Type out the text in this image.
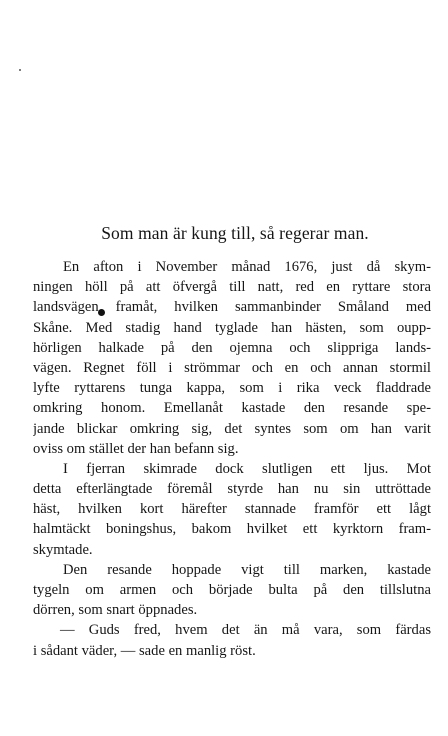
Som man är kung till, så regerar man.
En afton i November månad 1676, just då skym-
ningen höll på att öfvergå till natt, red en ryttare stora
landsvägen framåt, hvilken sammanbinder Småland med
Skåne. Med stadig hand tyglade han hästen, som oupp-
hörligen halkade på den ojemna och slippriga lands-
vägen. Regnet föll i strömmar och en och annan stormil
lyfte ryttarens tunga kappa, som i rika veck fladdrade
omkring honom. Emellanåt kastade den resande spe-
jande blickar omkring sig, det syntes som om han varit
oviss om stället der han befann sig.
I fjerran skimrade dock slutligen ett ljus. Mot
detta efterlängtade föremål styrde han nu sin uttröttade
häst, hvilken kort härefter stannade framför ett lågt
halmtäckt boningshus, bakom hvilket ett kyrktorn fram-
skymtade.
Den resande hoppade vigt till marken, kastade
tygeln om armen och började bulta på den tillslutna
dörren, som snart öppnades.
— Guds fred, hvem det än må vara, som färdas
i sådant väder, — sade en manlig röst.
